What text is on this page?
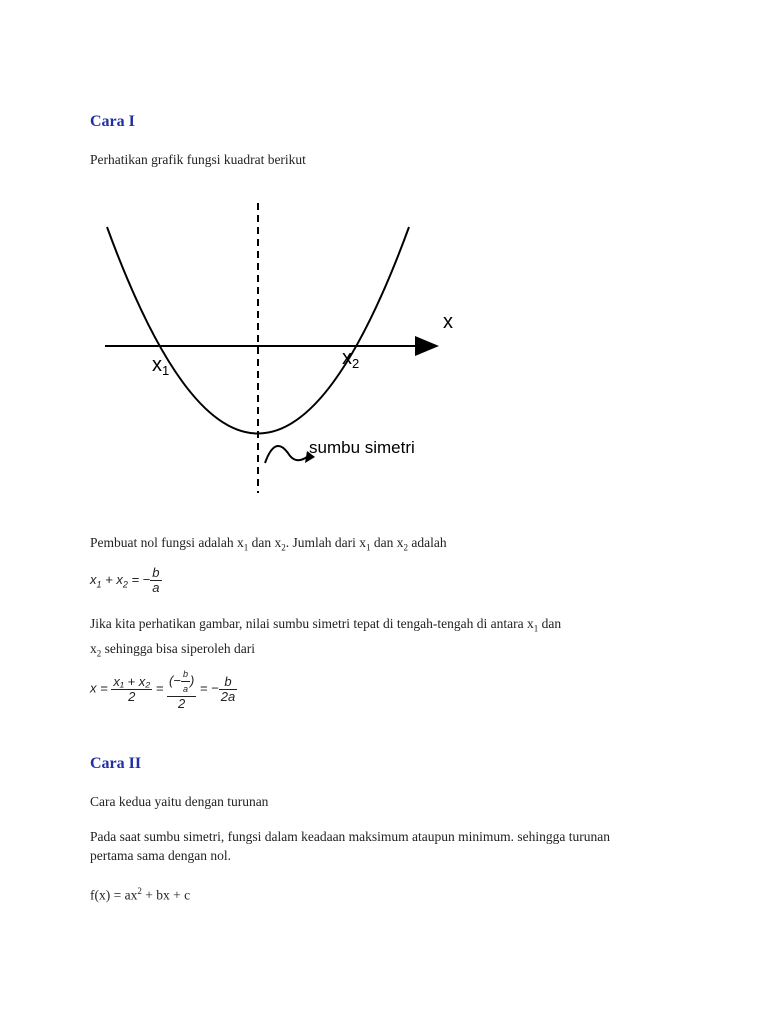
Cara I
Perhatikan grafik fungsi kuadrat berikut
x
$x_1$
$x_2$
sumbu simetri
Pembuat nol fungsi adalah $x_1$ dan $x_2$. Jumlah dari $x_1$ dan $x_2$ adalah
$x_1 + x_2$ = − $\frac{b}{a}$
Jika kita perhatikan gambar, nilai sumbu simetri tepat di tengah-tengah di antara $x_1$ dan
$x_2$ sehingga bisa siperoleh dari
$x = \frac{\text{x₁ + x₂}}{2} = \frac{(- \frac{b}{a} )}{2}$ = − $\frac{b}{2a}$
Cara II
Cara kedua yaitu dengan turunan
Pada saat sumbu simetri, fungsi dalam keadaan maksimum ataupun minimum. sehingga turunan
pertama sama dengan nol.
$f(x) = ax^2$ + bx + c
